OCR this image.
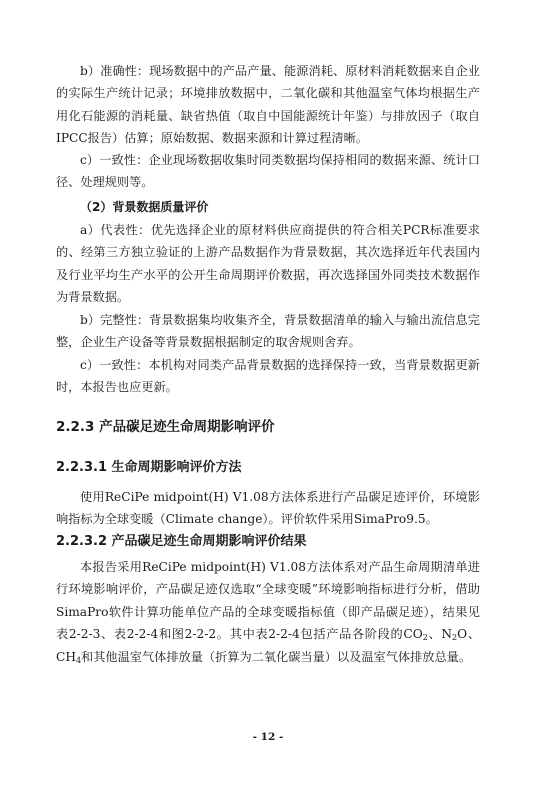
b）准确性：现场数据中的产品产量、能源消耗、原材料消耗数据来自企业的实际生产统计记录；环境排放数据中，二氧化碳和其他温室气体均根据生产用化石能源的消耗量、缺省热值（取自中国能源统计年鉴）与排放因子（取自IPCC报告）估算；原始数据、数据来源和计算过程清晰。
c）一致性：企业现场数据收集时同类数据均保持相同的数据来源、统计口径、处理规则等。
（2）背景数据质量评价
a）代表性：优先选择企业的原材料供应商提供的符合相关PCR标准要求的、经第三方独立验证的上游产品数据作为背景数据，其次选择近年代表国内及行业平均生产水平的公开生命周期评价数据，再次选择国外同类技术数据作为背景数据。
b）完整性：背景数据集均收集齐全，背景数据清单的输入与输出流信息完整，企业生产设备等背景数据根据制定的取舍规则舍弃。
c）一致性：本机构对同类产品背景数据的选择保持一致，当背景数据更新时，本报告也应更新。
2.2.3 产品碳足迹生命周期影响评价
2.2.3.1 生命周期影响评价方法
使用ReCiPe midpoint(H) V1.08方法体系进行产品碳足迹评价，环境影响指标为全球变暖（Climate change）。评价软件采用SimaPro9.5。
2.2.3.2 产品碳足迹生命周期影响评价结果
本报告采用ReCiPe midpoint(H) V1.08方法体系对产品生命周期清单进行环境影响评价，产品碳足迹仅选取“全球变暖”环境影响指标进行分析，借助SimaPro软件计算功能单位产品的全球变暖指标值（即产品碳足迹），结果见表2-2-3、表2-2-4和图2-2-2。其中表2-2-4包括产品各阶段的$CO_2$、$N_2O$、$CH_4$和其他温室气体排放量（折算为二氧化碳当量）以及温室气体排放总量。
- 12 -
